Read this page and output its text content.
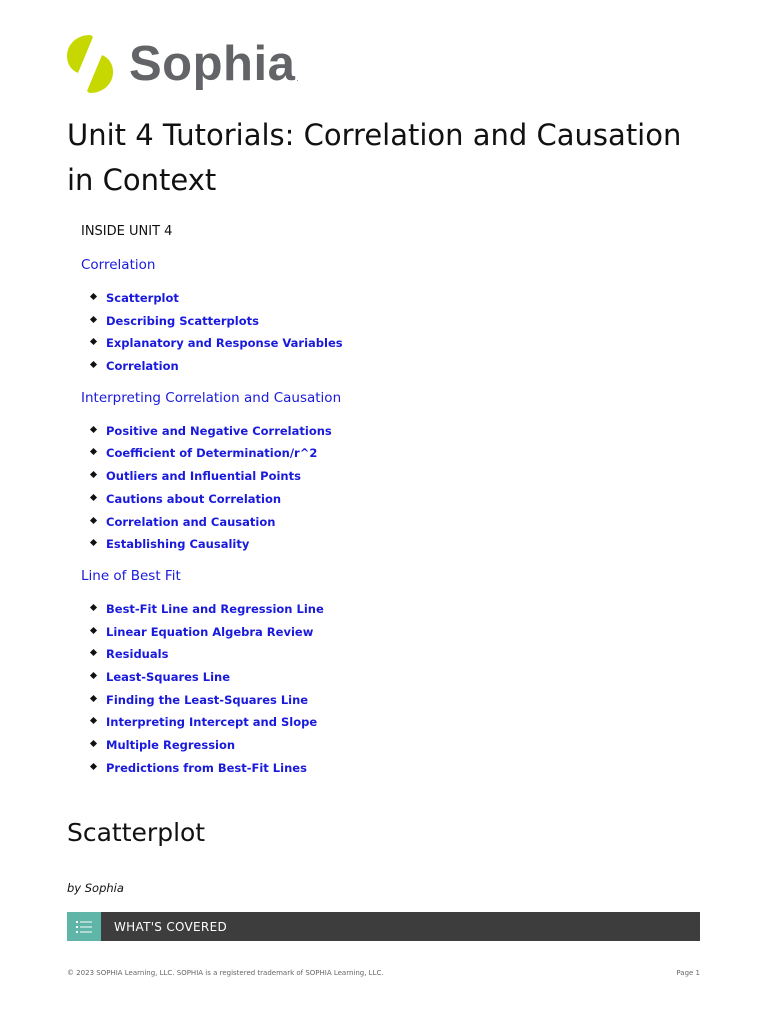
Sophia .
Unit 4 Tutorials: Correlation and Causation in Context

INSIDE UNIT 4

Correlation
Scatterplot
Describing Scatterplots
Explanatory and Response Variables
Correlation
Interpreting Correlation and Causation
Positive and Negative Correlations
Coefficient of Determination/r^2
Outliers and Influential Points
Cautions about Correlation
Correlation and Causation
Establishing Causality
Line of Best Fit
Best-Fit Line and Regression Line
Linear Equation Algebra Review
Residuals
Least-Squares Line
Finding the Least-Squares Line
Interpreting Intercept and Slope
Multiple Regression
Predictions from Best-Fit Lines
Scatterplot

by Sophia

WHAT'S COVERED
© 2023 SOPHIA Learning, LLC. SOPHIA is a registered trademark of SOPHIA Learning, LLC.	Page 1
